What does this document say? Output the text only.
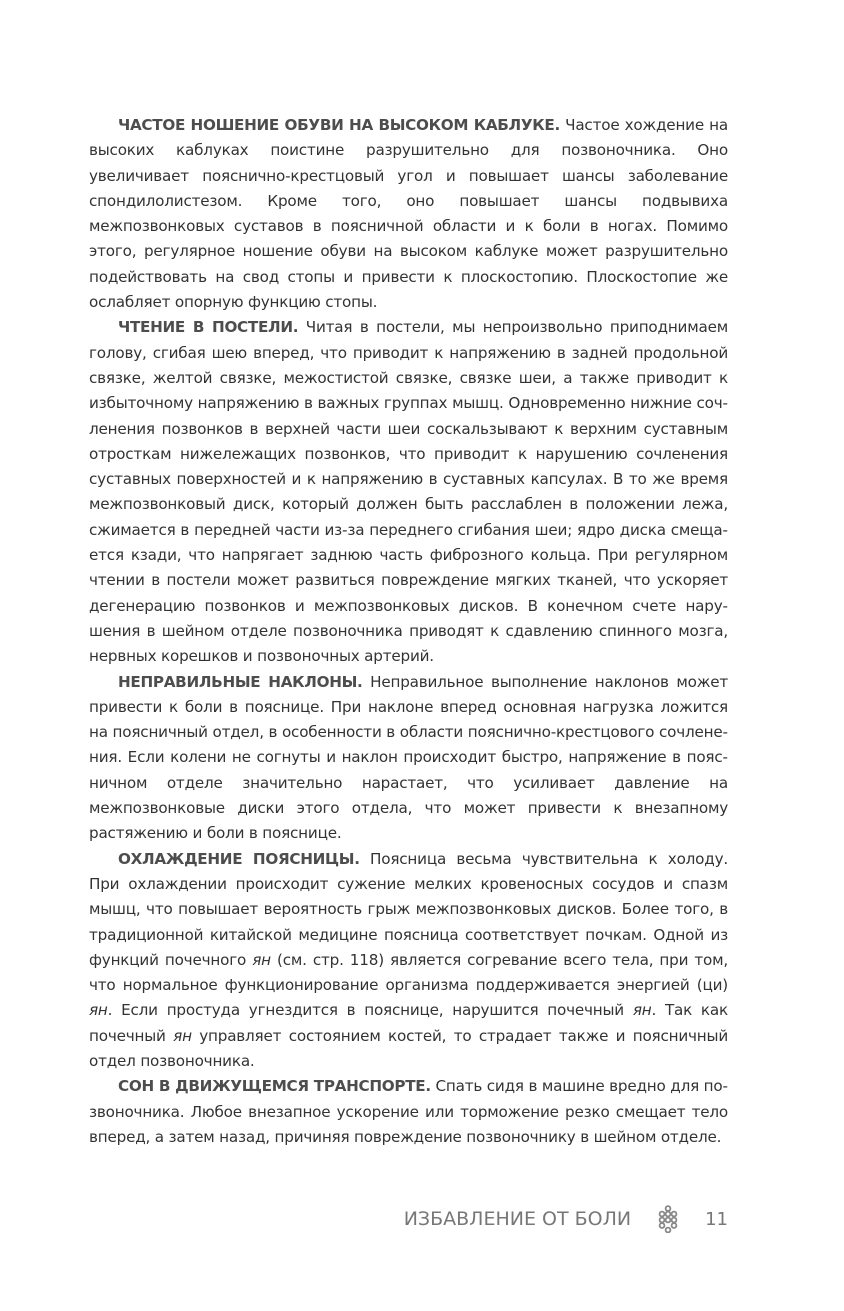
ЧАСТОЕ НОШЕНИЕ ОБУВИ НА ВЫСОКОМ КАБЛУКЕ. Частое хождение на высоких каблуках поистине разрушительно для позвоночника. Оно увеличивает пояснично-крестцовый угол и повышает шансы заболевание спондилолистезом. Кроме того, оно повышает шансы подвывиха межпозвонковых суставов в поясничной области и к боли в ногах. Помимо этого, регулярное ношение обуви на высоком каблуке может разрушительно подействовать на свод стопы и привести к плоскостопию. Плоскостопие же ослабляет опорную функцию стопы.

ЧТЕНИЕ В ПОСТЕЛИ. Читая в постели, мы непроизвольно приподнимаем голову, сгибая шею вперед, что приводит к напряжению в задней продольной связке, желтой связке, межостистой связке, связке шеи, а также приводит к избыточному напряжению в важных группах мышц. Одновременно нижние сочленения позвонков в верхней части шеи соскальзывают к верхним суставным отросткам нижележащих позвонков, что приводит к нарушению сочленения суставных поверхностей и к напряжению в суставных капсулах. В то же время межпозвонковый диск, который должен быть расслаблен в положении лежа, сжимается в передней части из-за переднего сгибания шеи; ядро диска смещается кзади, что напрягает заднюю часть фиброзного кольца. При регулярном чтении в постели может развиться повреждение мягких тканей, что ускоряет дегенерацию позвонков и межпозвонковых дисков. В конечном счете нарушения в шейном отделе позвоночника приводят к сдавлению спинного мозга, нервных корешков и позвоночных артерий.

НЕПРАВИЛЬНЫЕ НАКЛОНЫ. Неправильное выполнение наклонов может привести к боли в пояснице. При наклоне вперед основная нагрузка ложится на поясничный отдел, в особенности в области пояснично-крестцового сочленения. Если колени не согнуты и наклон происходит быстро, напряжение в поясничном отделе значительно нарастает, что усиливает давление на межпозвонковые диски этого отдела, что может привести к внезапному растяжению и боли в пояснице.

ОХЛАЖДЕНИЕ ПОЯСНИЦЫ. Поясница весьма чувствительна к холоду. При охлаждении происходит сужение мелких кровеносных сосудов и спазм мышц, что повышает вероятность грыж межпозвонковых дисков. Более того, в традиционной китайской медицине поясница соответствует почкам. Одной из функций почечного ян (см. стр. 118) является согревание всего тела, при том, что нормальное функционирование организма поддерживается энергией (ци) ян. Если простуда угнездится в пояснице, нарушится почечный ян. Так как почечный ян управляет состоянием костей, то страдает также и поясничный отдел позвоночника.

СОН В ДВИЖУЩЕМСЯ ТРАНСПОРТЕ. Спать сидя в машине вредно для позвоночника. Любое внезапное ускорение или торможение резко смещает тело вперед, а затем назад, причиняя повреждение позвоночнику в шейном отделе.

ИЗБАВЛЕНИЕ ОТ БОЛИ	11
